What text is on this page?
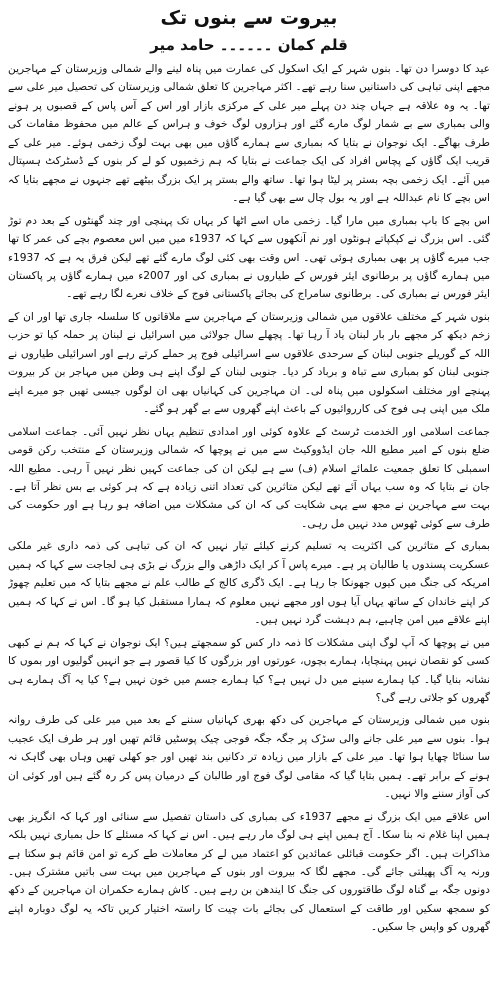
بیروت سے بنوں تک
قلم کمان ۔۔۔۔۔۔ حامد میر

عید کا دوسرا دن تھا۔ بنوں شہر کے ایک اسکول کی عمارت میں پناہ لینے والے شمالی وزیرستان کے مہاجرین مجھے اپنی تباہی کی داستانیں سنا رہے تھے۔ اکثر مہاجرین کا تعلق شمالی وزیرستان کی تحصیل میر علی سے تھا۔ یہ وہ علاقہ ہے جہاں چند دن پہلے میر علی کے مرکزی بازار اور اس کے آس پاس کے قصبوں پر ہونے والی بمباری سے بے شمار لوگ مارے گئے اور ہزاروں لوگ خوف و ہراس کے عالم میں محفوظ مقامات کی طرف بھاگے۔ ایک نوجوان نے بتایا کہ بمباری سے ہمارے گاؤں میں بھی بہت لوگ زخمی ہوئے۔ میر علی کے قریب ایک گاؤں کے پچاس افراد کی ایک جماعت نے بتایا کہ ہم زخمیوں کو لے کر بنوں کے ڈسٹرکٹ ہسپتال میں آئے۔ ایک زخمی بچہ بستر پر لیٹا ہوا تھا۔ ساتھ والے بستر پر ایک بزرگ بیٹھے تھے جنہوں نے مجھے بتایا کہ اس بچے کا نام عبداللہ ہے اور یہ بول چال سے بھی گیا ہے۔

اس بچے کا باپ بمباری میں مارا گیا۔ زخمی ماں اسے اٹھا کر یہاں تک پہنچی اور چند گھنٹوں کے بعد دم توڑ گئی۔ اس بزرگ نے کپکپاتے ہونٹوں اور نم آنکھوں سے کہا کہ 1937ء میں میں اس معصوم بچے کی عمر کا تھا جب میرے گاؤں پر بھی بمباری ہوئی تھی۔ اس وقت بھی کئی لوگ مارے گئے تھے لیکن فرق یہ ہے کہ 1937ء میں ہمارے گاؤں پر برطانوی ایئر فورس کے طیاروں نے بمباری کی اور 2007ء میں ہمارے گاؤں پر پاکستان ایئر فورس نے بمباری کی۔ برطانوی سامراج کی بجائے پاکستانی فوج کے خلاف نعرے لگا رہے تھے۔

بنوں شہر کے مختلف علاقوں میں شمالی وزیرستان کے مہاجرین سے ملاقاتوں کا سلسلہ جاری تھا اور ان کے زخم دیکھ کر مجھے بار بار لبنان یاد آ رہا تھا۔ پچھلے سال جولائی میں اسرائیل نے لبنان پر حملہ کیا تو حزب اللہ کے گوریلے جنوبی لبنان کے سرحدی علاقوں سے اسرائیلی فوج پر حملے کرتے رہے اور اسرائیلی طیاروں نے جنوبی لبنان کو بمباری سے تباہ و برباد کر دیا۔ جنوبی لبنان کے لوگ اپنے ہی وطن میں مہاجر بن کر بیروت پہنچے اور مختلف اسکولوں میں پناہ لی۔ ان مہاجرین کی کہانیاں بھی ان لوگوں جیسی تھیں جو میرے اپنے ملک میں اپنی ہی فوج کی کارروائیوں کے باعث اپنے گھروں سے بے گھر ہو گئے۔

جماعت اسلامی اور الخدمت ٹرسٹ کے علاوہ کوئی اور امدادی تنظیم یہاں نظر نہیں آئی۔ جماعت اسلامی ضلع بنوں کے امیر مطیع اللہ جان ایڈووکیٹ سے میں نے پوچھا کہ شمالی وزیرستان کے منتخب رکن قومی اسمبلی کا تعلق جمعیت علمائے اسلام (ف) سے ہے لیکن ان کی جماعت کہیں نظر نہیں آ رہی۔ مطیع اللہ جان نے بتایا کہ وہ سب یہاں آئے تھے لیکن متاثرین کی تعداد اتنی زیادہ ہے کہ ہر کوئی بے بس نظر آتا ہے۔ بہت سے مہاجرین نے مجھ سے یہی شکایت کی کہ ان کی مشکلات میں اضافہ ہو رہا ہے اور حکومت کی طرف سے کوئی ٹھوس مدد نہیں مل رہی۔

بمباری کے متاثرین کی اکثریت یہ تسلیم کرنے کیلئے تیار نہیں کہ ان کی تباہی کی ذمہ داری غیر ملکی عسکریت پسندوں یا طالبان پر ہے۔ میرے پاس آ کر ایک داڑھی والے بزرگ نے بڑی ہی لجاجت سے کہا کہ ہمیں امریکہ کی جنگ میں کیوں جھونکا جا رہا ہے۔ ایک ڈگری کالج کے طالب علم نے مجھے بتایا کہ میں تعلیم چھوڑ کر اپنے خاندان کے ساتھ یہاں آیا ہوں اور مجھے نہیں معلوم کہ ہمارا مستقبل کیا ہو گا۔ اس نے کہا کہ ہمیں اپنے علاقے میں امن چاہیے، ہم دہشت گرد نہیں ہیں۔

میں نے پوچھا کہ آپ لوگ اپنی مشکلات کا ذمہ دار کس کو سمجھتے ہیں؟ ایک نوجوان نے کہا کہ ہم نے کبھی کسی کو نقصان نہیں پہنچایا، ہمارے بچوں، عورتوں اور بزرگوں کا کیا قصور ہے جو انہیں گولیوں اور بموں کا نشانہ بنایا گیا۔ کیا ہمارے سینے میں دل نہیں ہے؟ کیا ہمارے جسم میں خون نہیں ہے؟ کیا یہ آگ ہمارے ہی گھروں کو جلاتی رہے گی؟

بنوں میں شمالی وزیرستان کے مہاجرین کی دکھ بھری کہانیاں سننے کے بعد میں میر علی کی طرف روانہ ہوا۔ بنوں سے میر علی جانے والی سڑک پر جگہ جگہ فوجی چیک پوسٹیں قائم تھیں اور ہر طرف ایک عجیب سا سناٹا چھایا ہوا تھا۔ میر علی کے بازار میں زیادہ تر دکانیں بند تھیں اور جو کھلی تھیں وہاں بھی گاہک نہ ہونے کے برابر تھے۔ ہمیں بتایا گیا کہ مقامی لوگ فوج اور طالبان کے درمیان پس کر رہ گئے ہیں اور کوئی ان کی آواز سننے والا نہیں۔

اس علاقے میں ایک بزرگ نے مجھے 1937ء کی بمباری کی داستان تفصیل سے سنائی اور کہا کہ انگریز بھی ہمیں اپنا غلام نہ بنا سکا۔ آج ہمیں اپنے ہی لوگ مار رہے ہیں۔ اس نے کہا کہ مسئلے کا حل بمباری نہیں بلکہ مذاکرات ہیں۔ اگر حکومت قبائلی عمائدین کو اعتماد میں لے کر معاملات طے کرے تو امن قائم ہو سکتا ہے ورنہ یہ آگ پھیلتی جائے گی۔ مجھے لگا کہ بیروت اور بنوں کے مہاجرین میں بہت سی باتیں مشترک ہیں۔ دونوں جگہ بے گناہ لوگ طاقتوروں کی جنگ کا ایندھن بن رہے ہیں۔ کاش ہمارے حکمران ان مہاجرین کے دکھ کو سمجھ سکیں اور طاقت کے استعمال کی بجائے بات چیت کا راستہ اختیار کریں تاکہ یہ لوگ دوبارہ اپنے گھروں کو واپس جا سکیں۔
